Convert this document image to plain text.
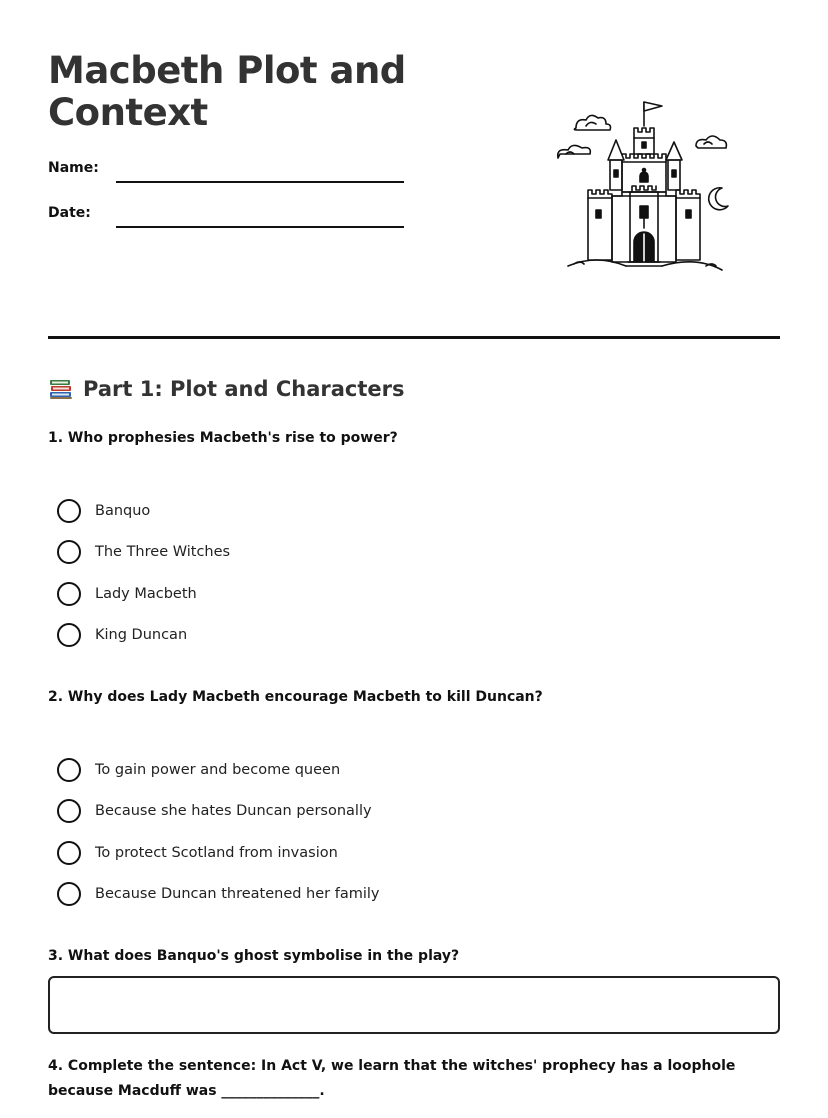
Macbeth Plot and Context
Name:
Date:
Part 1: Plot and Characters

1. Who prophesies Macbeth's rise to power?

Banquo
The Three Witches
Lady Macbeth
King Duncan

2. Why does Lady Macbeth encourage Macbeth to kill Duncan?

To gain power and become queen
Because she hates Duncan personally
To protect Scotland from invasion
Because Duncan threatened her family

3. What does Banquo's ghost symbolise in the play?

4. Complete the sentence: In Act V, we learn that the witches' prophecy has a loophole because Macduff was ______________.
